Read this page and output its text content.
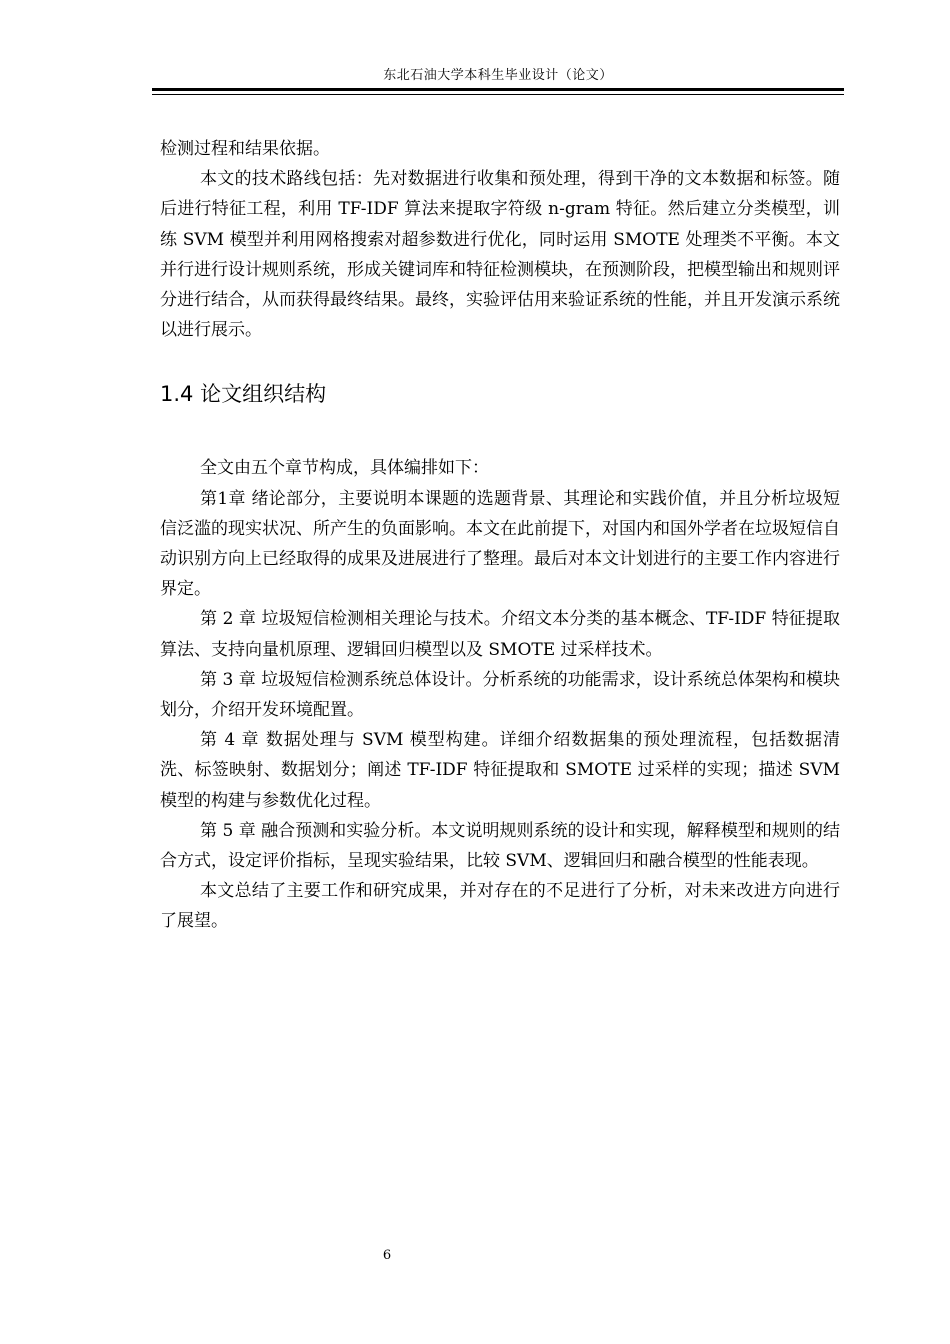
东北石油大学本科生毕业设计（论文）

检测过程和结果依据。

本文的技术路线包括：先对数据进行收集和预处理，得到干净的文本数据和标签。随后进行特征工程，利用 TF-IDF 算法来提取字符级 n-gram 特征。然后建立分类模型，训练 SVM 模型并利用网格搜索对超参数进行优化，同时运用 SMOTE 处理类不平衡。本文并行进行设计规则系统，形成关键词库和特征检测模块，在预测阶段，把模型输出和规则评分进行结合，从而获得最终结果。最终，实验评估用来验证系统的性能，并且开发演示系统以进行展示。

1.4 论文组织结构

全文由五个章节构成，具体编排如下：

第1章 绪论部分，主要说明本课题的选题背景、其理论和实践价值，并且分析垃圾短信泛滥的现实状况、所产生的负面影响。本文在此前提下，对国内和国外学者在垃圾短信自动识别方向上已经取得的成果及进展进行了整理。最后对本文计划进行的主要工作内容进行界定。

第 2 章 垃圾短信检测相关理论与技术。介绍文本分类的基本概念、TF-IDF 特征提取算法、支持向量机原理、逻辑回归模型以及 SMOTE 过采样技术。

第 3 章 垃圾短信检测系统总体设计。分析系统的功能需求，设计系统总体架构和模块划分，介绍开发环境配置。

第 4 章 数据处理与 SVM 模型构建。详细介绍数据集的预处理流程，包括数据清洗、标签映射、数据划分；阐述 TF-IDF 特征提取和 SMOTE 过采样的实现；描述 SVM 模型的构建与参数优化过程。

第 5 章 融合预测和实验分析。本文说明规则系统的设计和实现，解释模型和规则的结合方式，设定评价指标，呈现实验结果，比较 SVM、逻辑回归和融合模型的性能表现。

本文总结了主要工作和研究成果，并对存在的不足进行了分析，对未来改进方向进行了展望。

6
